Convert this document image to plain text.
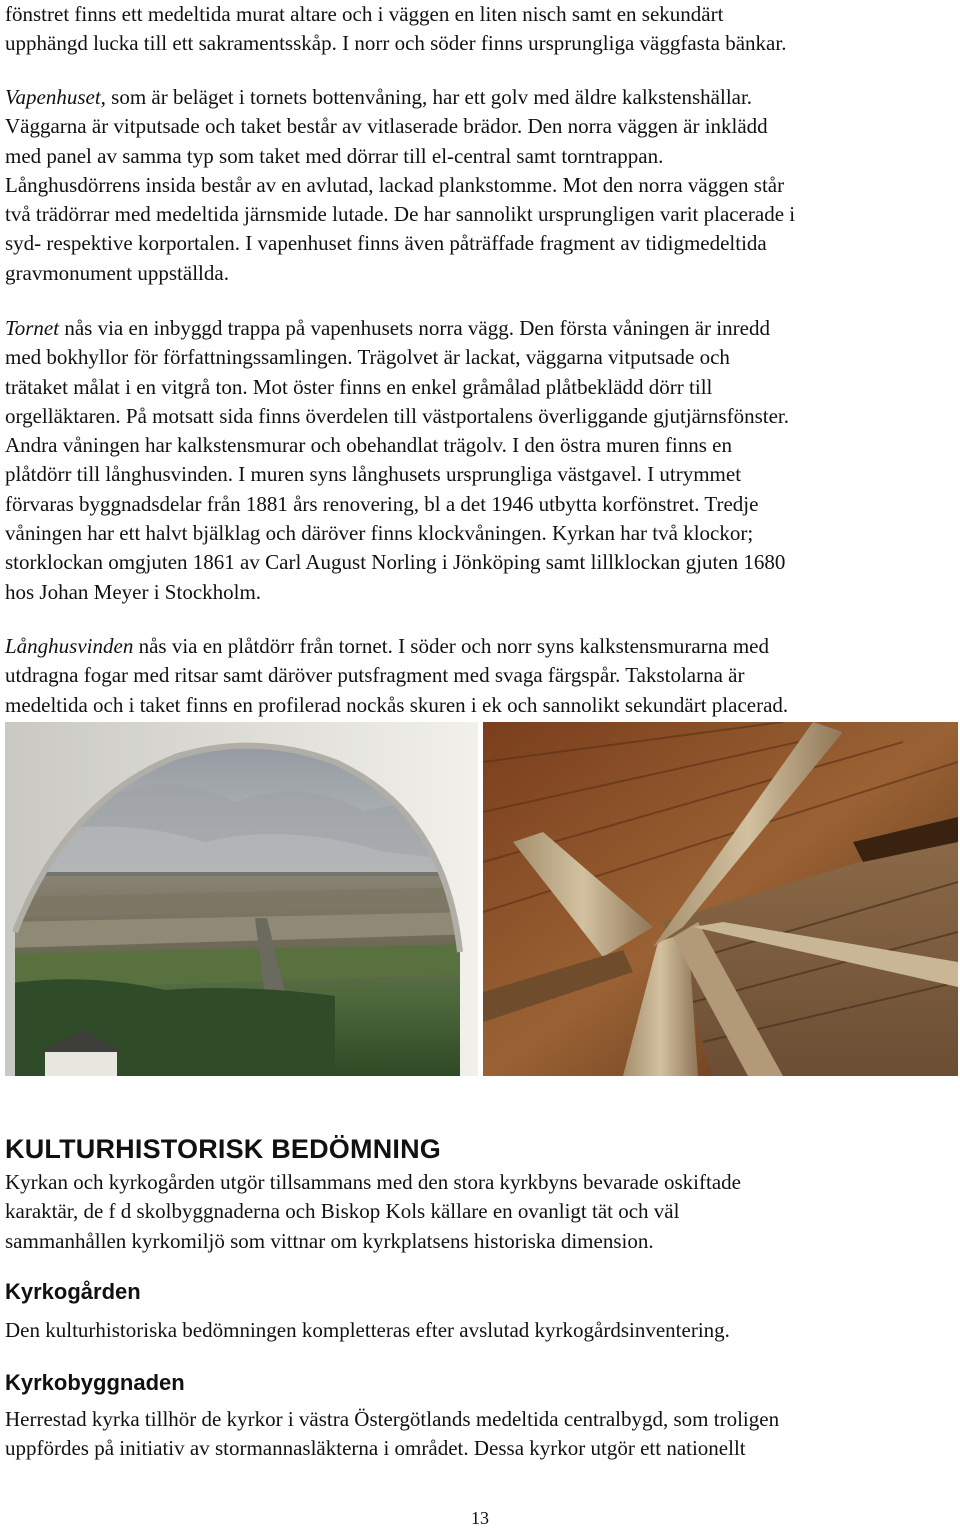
fönstret finns ett medeltida murat altare och i väggen en liten nisch samt en sekundärt
upphängd lucka till ett sakramentsskåp. I norr och söder finns ursprungliga väggfasta bänkar.

Vapenhuset, som är beläget i tornets bottenvåning, har ett golv med äldre kalkstenshällar.
Väggarna är vitputsade och taket består av vitlaserade brädor. Den norra väggen är inklädd
med panel av samma typ som taket med dörrar till el-central samt torntrappan.
Långhusdörrens insida består av en avlutad, lackad plankstomme. Mot den norra väggen står
två trädörrar med medeltida järnsmide lutade. De har sannolikt ursprungligen varit placerade i
syd- respektive korportalen. I vapenhuset finns även påträffade fragment av tidigmedeltida
gravmonument uppställda.

Tornet nås via en inbyggd trappa på vapenhusets norra vägg. Den första våningen är inredd
med bokhyllor för författningssamlingen. Trägolvet är lackat, väggarna vitputsade och
trätaket målat i en vitgrå ton. Mot öster finns en enkel gråmålad plåtbeklädd dörr till
orgelläktaren. På motsatt sida finns överdelen till västportalens överliggande gjutjärnsfönster.
Andra våningen har kalkstensmurar och obehandlat trägolv. I den östra muren finns en
plåtdörr till långhusvinden. I muren syns långhusets ursprungliga västgavel. I utrymmet
förvaras byggnadsdelar från 1881 års renovering, bl a det 1946 utbytta korfönstret. Tredje
våningen har ett halvt bjälklag och däröver finns klockvåningen. Kyrkan har två klockor;
storklockan omgjuten 1861 av Carl August Norling i Jönköping samt lillklockan gjuten 1680
hos Johan Meyer i Stockholm.

Långhusvinden nås via en plåtdörr från tornet. I söder och norr syns kalkstensmurarna med
utdragna fogar med ritsar samt däröver putsfragment med svaga färgspår. Takstolarna är
medeltida och i taket finns en profilerad nockås skuren i ek och sannolikt sekundärt placerad.

KULTURHISTORISK BEDÖMNING

Kyrkan och kyrkogården utgör tillsammans med den stora kyrkbyns bevarade oskiftade
karaktär, de f d skolbyggnaderna och Biskop Kols källare en ovanligt tät och väl
sammanhållen kyrkomiljö som vittnar om kyrkplatsens historiska dimension.

Kyrkogården

Den kulturhistoriska bedömningen kompletteras efter avslutad kyrkogårdsinventering.

Kyrkobyggnaden

Herrestad kyrka tillhör de kyrkor i västra Östergötlands medeltida centralbygd, som troligen
uppfördes på initiativ av stormannasläkterna i området. Dessa kyrkor utgör ett nationellt

13
